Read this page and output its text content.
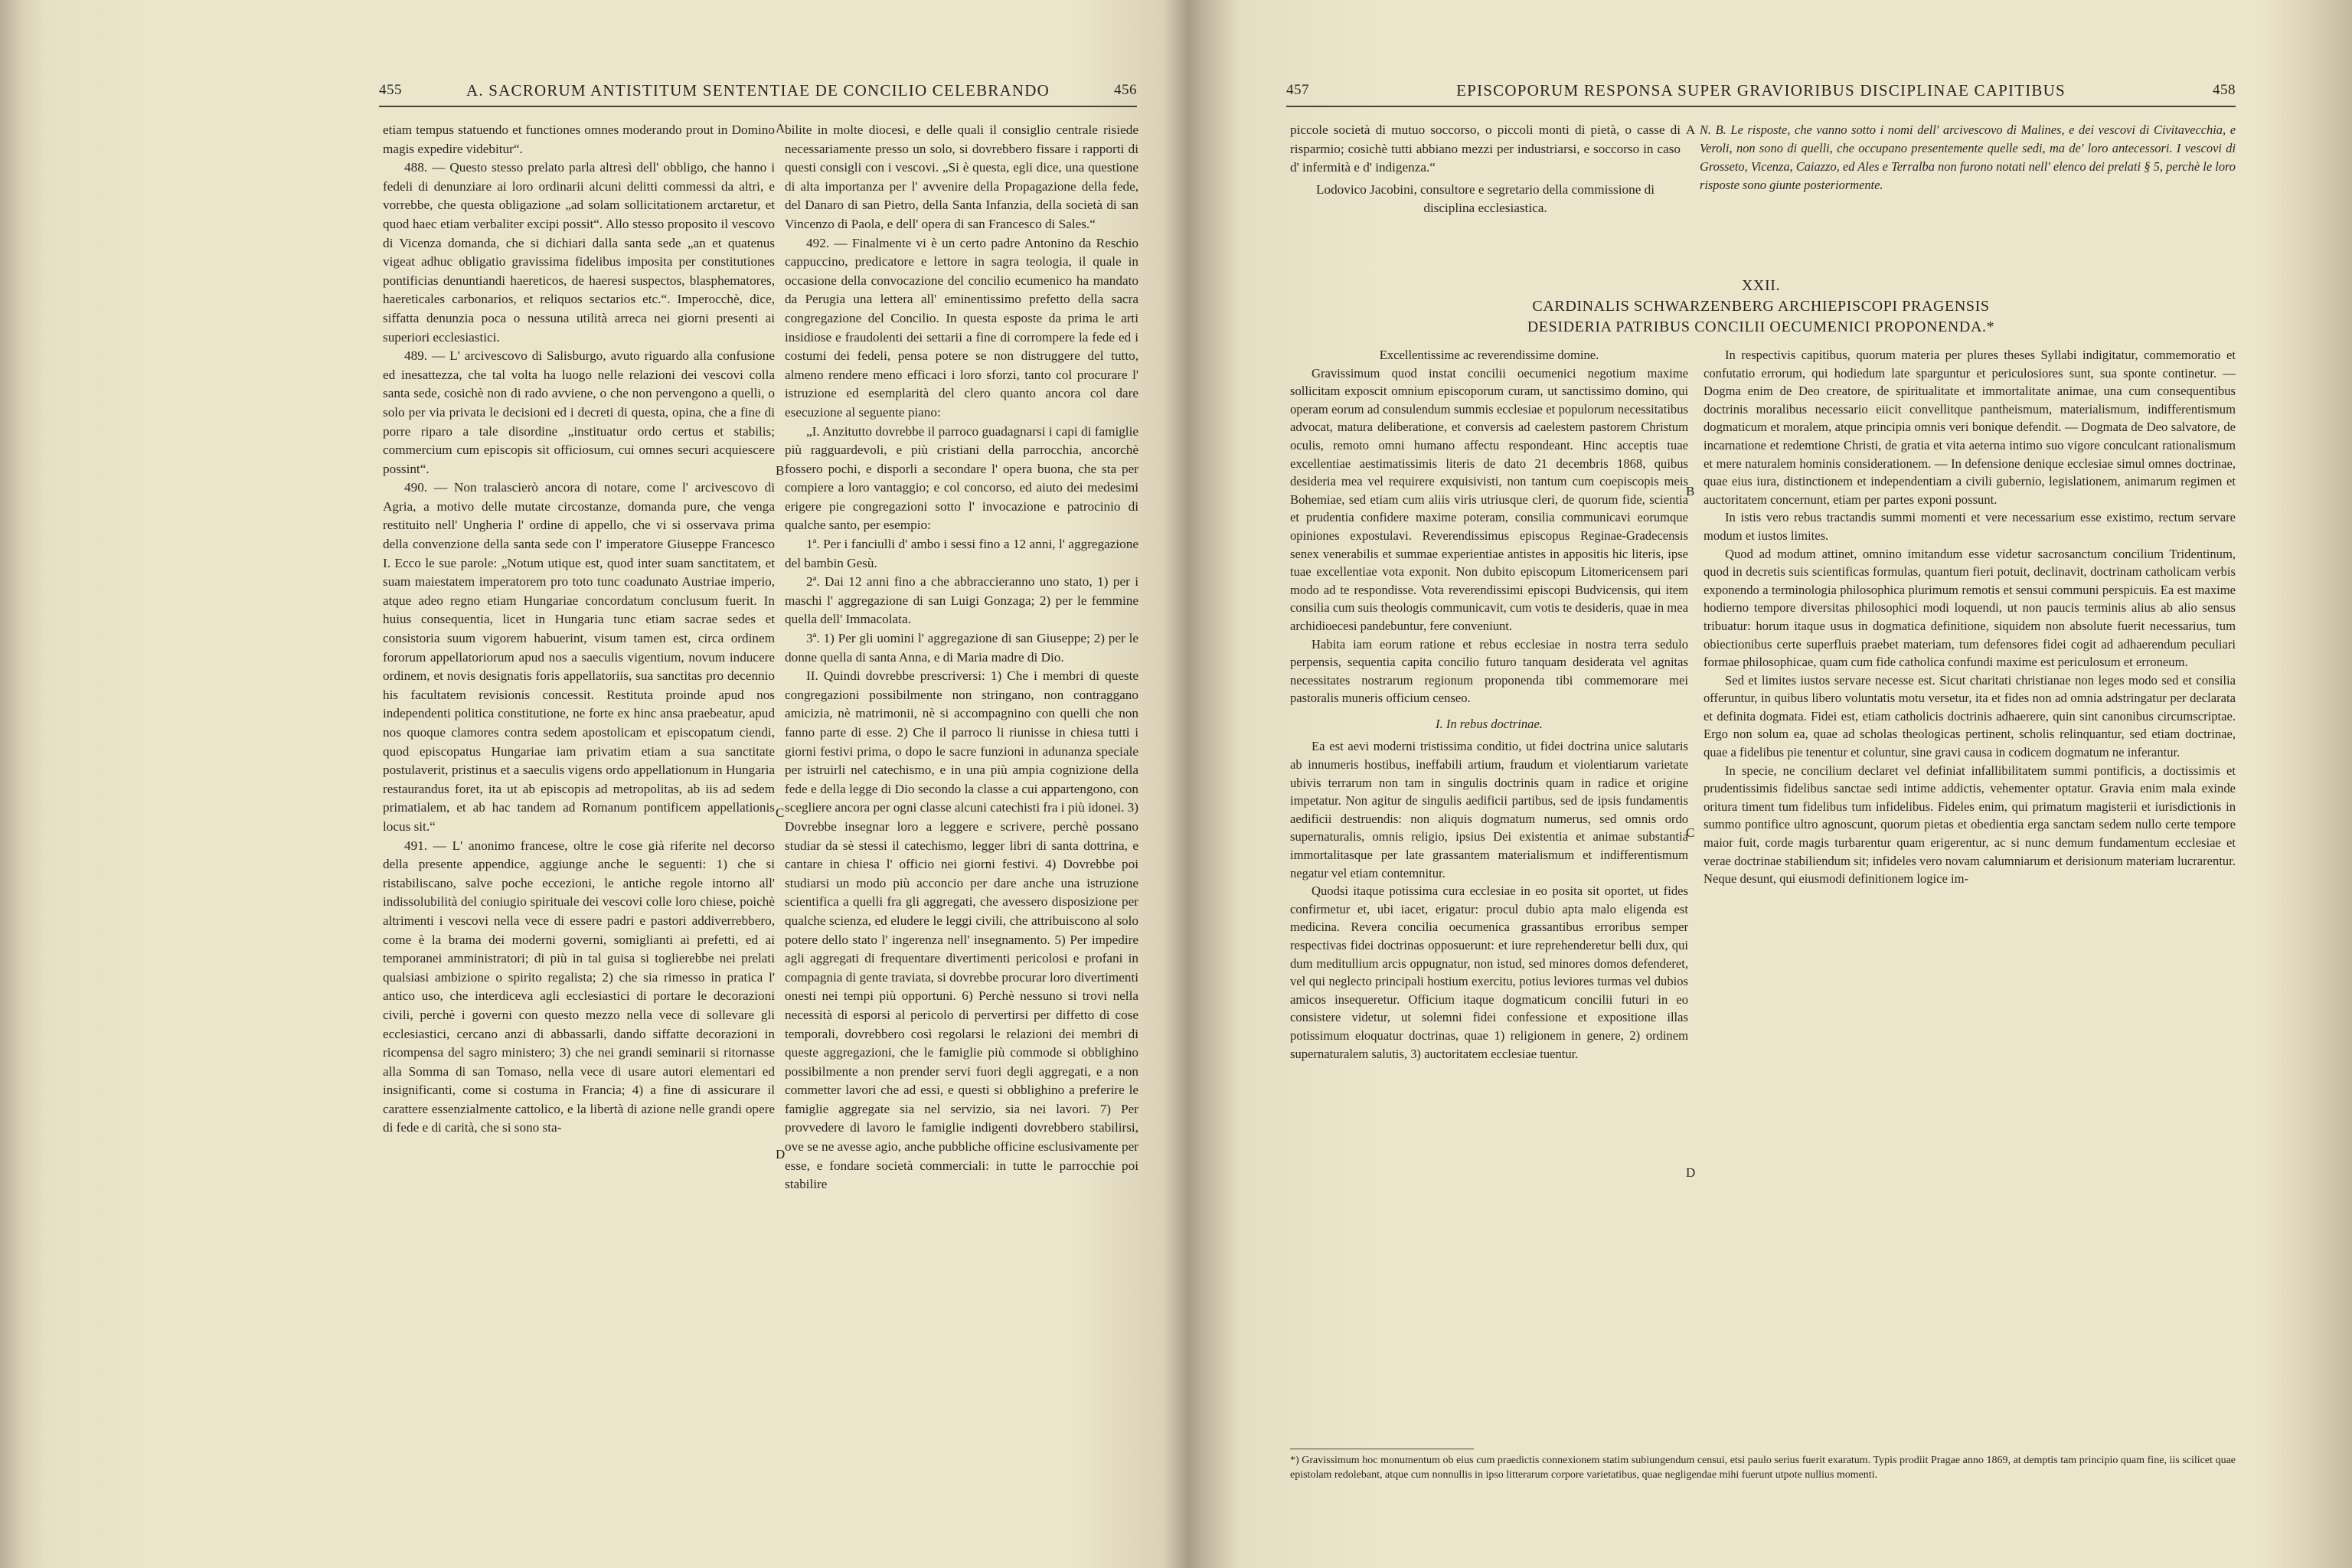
455	A. SACRORUM ANTISTITUM SENTENTIAE DE CONCILIO CELEBRANDO	456

etiam tempus statuendo et functiones omnes moderando prout in Domino magis expedire videbitur“.

488. — Questo stesso prelato parla altresì dell' obbligo, che hanno i fedeli di denunziare ai loro ordinarii alcuni delitti commessi da altri, e vorrebbe, che questa obligazione „ad solam sollicitationem arctaretur, et quod haec etiam verbaliter excipi possit“. Allo stesso proposito il vescovo di Vicenza domanda, che si dichiari dalla santa sede „an et quatenus vigeat adhuc obligatio gravissima fidelibus imposita per constitutiones pontificias denuntiandi haereticos, de haeresi suspectos, blasphematores, haereticales carbonarios, et reliquos sectarios etc.“. Imperocchè, dice, siffatta denunzia poca o nessuna utilità arreca nei giorni presenti ai superiori ecclesiastici.

489. — L' arcivescovo di Salisburgo, avuto riguardo alla confusione ed inesattezza, che tal volta ha luogo nelle relazioni dei vescovi colla santa sede, cosichè non di rado avviene, o che non pervengono a quelli, o solo per via privata le decisioni ed i decreti di questa, opina, che a fine di porre riparo a tale disordine „instituatur ordo certus et stabilis; commercium cum episcopis sit officiosum, cui omnes securi acquiescere possint“.

490. — Non tralascierò ancora di notare, come l' arcivescovo di Agria, a motivo delle mutate circostanze, domanda pure, che venga restituito nell' Ungheria l' ordine di appello, che vi si osservava prima della convenzione della santa sede con l' imperatore Giuseppe Francesco I. Ecco le sue parole: „Notum utique est, quod inter suam sanctitatem, et suam maiestatem imperatorem pro toto tunc coadunato Austriae imperio, atque adeo regno etiam Hungariae concordatum conclusum fuerit. In huius consequentia, licet in Hungaria tunc etiam sacrae sedes et consistoria suum vigorem habuerint, visum tamen est, circa ordinem fororum appellatoriorum apud nos a saeculis vigentium, novum inducere ordinem, et novis designatis foris appellatoriis, sua sanctitas pro decennio his facultatem revisionis concessit. Restituta proinde apud nos independenti politica constitutione, ne forte ex hinc ansa praebeatur, apud nos quoque clamores contra sedem apostolicam et episcopatum ciendi, quod episcopatus Hungariae iam privatim etiam a sua sanctitate postulaverit, pristinus et a saeculis vigens ordo appellationum in Hungaria restaurandus foret, ita ut ab episcopis ad metropolitas, ab iis ad sedem primatialem, et ab hac tandem ad Romanum pontificem appellationis locus sit.“

491. — L' anonimo francese, oltre le cose già riferite nel decorso della presente appendice, aggiunge anche le seguenti: 1) che si ristabiliscano, salve poche eccezioni, le antiche regole intorno all' indissolubilità del coniugio spirituale dei vescovi colle loro chiese, poichè altrimenti i vescovi nella vece di essere padri e pastori addiverrebbero, come è la brama dei moderni governi, somiglianti ai prefetti, ed ai temporanei amministratori; di più in tal guisa si toglierebbe nei prelati qualsiasi ambizione o spirito regalista; 2) che sia rimesso in pratica l' antico uso, che interdiceva agli ecclesiastici di portare le decorazioni civili, perchè i governi con questo mezzo nella vece di sollevare gli ecclesiastici, cercano anzi di abbassarli, dando siffatte decorazioni in ricompensa del sagro ministero; 3) che nei grandi seminarii si ritornasse alla Somma di san Tomaso, nella vece di usare autori elementari ed insignificanti, come si costuma in Francia; 4) a fine di assicurare il carattere essenzialmente cattolico, e la libertà di azione nelle grandi opere di fede e di carità, che si sono sta-

bilite in molte diocesi, e delle quali il consiglio centrale risiede necessariamente presso un solo, si dovrebbero fissare i rapporti di questi consigli con i vescovi. „Si è questa, egli dice, una questione di alta importanza per l' avvenire della Propagazione della fede, del Danaro di san Pietro, della Santa Infanzia, della società di san Vincenzo di Paola, e dell' opera di san Francesco di Sales.“

492. — Finalmente vi è un certo padre Antonino da Reschio cappuccino, predicatore e lettore in sagra teologia, il quale in occasione della convocazione del concilio ecumenico ha mandato da Perugia una lettera all' eminentissimo prefetto della sacra congregazione del Concilio. In questa esposte da prima le arti insidiose e fraudolenti dei settarii a fine di corrompere la fede ed i costumi dei fedeli, pensa potere se non distruggere del tutto, almeno rendere meno efficaci i loro sforzi, tanto col procurare l' istruzione ed esemplarità del clero quanto ancora col dare esecuzione al seguente piano:

„I. Anzitutto dovrebbe il parroco guadagnarsi i capi di famiglie più ragguardevoli, e più cristiani della parrocchia, ancorchè fossero pochi, e disporli a secondare l' opera buona, che sta per compiere a loro vantaggio; e col concorso, ed aiuto dei medesimi erigere pie congregazioni sotto l' invocazione e patrocinio di qualche santo, per esempio:

1ª. Per i fanciulli d' ambo i sessi fino a 12 anni, l' aggregazione del bambin Gesù.

2ª. Dai 12 anni fino a che abbraccieranno uno stato, 1) per i maschi l' aggregazione di san Luigi Gonzaga; 2) per le femmine quella dell' Immacolata.

3ª. 1) Per gli uomini l' aggregazione di san Giuseppe; 2) per le donne quella di santa Anna, e di Maria madre di Dio.

II. Quindi dovrebbe prescriversi: 1) Che i membri di queste congregazioni possibilmente non stringano, non contraggano amicizia, nè matrimonii, nè si accompagnino con quelli che non fanno parte di esse. 2) Che il parroco li riunisse in chiesa tutti i giorni festivi prima, o dopo le sacre funzioni in adunanza speciale per istruirli nel catechismo, e in una più ampia cognizione della fede e della legge di Dio secondo la classe a cui appartengono, con scegliere ancora per ogni classe alcuni catechisti fra i più idonei. 3) Dovrebbe insegnar loro a leggere e scrivere, perchè possano studiar da sè stessi il catechismo, legger libri di santa dottrina, e cantare in chiesa l' officio nei giorni festivi. 4) Dovrebbe poi studiarsi un modo più acconcio per dare anche una istruzione scientifica a quelli fra gli aggregati, che avessero disposizione per qualche scienza, ed eludere le leggi civili, che attribuiscono al solo potere dello stato l' ingerenza nell' insegnamento. 5) Per impedire agli aggregati di frequentare divertimenti pericolosi e profani in compagnia di gente traviata, si dovrebbe procurar loro divertimenti onesti nei tempi più opportuni. 6) Perchè nessuno si trovi nella necessità di esporsi al pericolo di pervertirsi per diffetto di cose temporali, dovrebbero così regolarsi le relazioni dei membri di queste aggregazioni, che le famiglie più commode si obblighino possibilmente a non prender servi fuori degli aggregati, e a non commetter lavori che ad essi, e questi si obblighino a preferire le famiglie aggregate sia nel servizio, sia nei lavori. 7) Per provvedere di lavoro le famiglie indigenti dovrebbero stabilirsi, ove se ne avesse agio, anche pubbliche officine esclusivamente per esse, e fondare società commerciali: in tutte le parrocchie poi stabilire

A
B
C
D
457	EPISCOPORUM RESPONSA SUPER GRAVIORIBUS DISCIPLINAE CAPITIBUS	458

piccole società di mutuo soccorso, o piccoli monti di pietà, o casse di risparmio; cosichè tutti abbiano mezzi per industriarsi, e soccorso in caso d' infermità e d' indigenza.“

Lodovico Jacobini, consultore e segretario della commissione di disciplina ecclesiastica.

N. B. Le risposte, che vanno sotto i nomi dell' arcivescovo di Malines, e dei vescovi di Civitavecchia, e Veroli, non sono di quelli, che occupano presentemente quelle sedi, ma de' loro antecessori. I vescovi di Grosseto, Vicenza, Caiazzo, ed Ales e Terralba non furono notati nell' elenco dei prelati § 5, perchè le loro risposte sono giunte posteriormente.

XXII.
CARDINALIS SCHWARZENBERG ARCHIEPISCOPI PRAGENSIS
DESIDERIA PATRIBUS CONCILII OECUMENICI PROPONENDA.*

Excellentissime ac reverendissime domine.

Gravissimum quod instat concilii oecumenici negotium maxime sollicitam exposcit omnium episcoporum curam, ut sanctissimo domino, qui operam eorum ad consulendum summis ecclesiae et populorum necessitatibus advocat, matura deliberatione, et conversis ad caelestem pastorem Christum oculis, remoto omni humano affectu respondeant. Hinc acceptis tuae excellentiae aestimatissimis literis de dato 21 decembris 1868, quibus desideria mea vel requirere exquisivisti, non tantum cum coepiscopis meis Bohemiae, sed etiam cum aliis viris utriusque cleri, de quorum fide, scientia et prudentia confidere maxime poteram, consilia communicavi eorumque opiniones expostulavi. Reverendissimus episcopus Reginae-Gradecensis senex venerabilis et summae experientiae antistes in appositis hic literis, ipse tuae excellentiae vota exponit. Non dubito episcopum Litomericensem pari modo ad te respondisse. Vota reverendissimi episcopi Budvicensis, qui item consilia cum suis theologis communicavit, cum votis te desideris, quae in mea archidioecesi pandebuntur, fere conveniunt.

Habita iam eorum ratione et rebus ecclesiae in nostra terra sedulo perpensis, sequentia capita concilio futuro tanquam desiderata vel agnitas necessitates nostrarum regionum proponenda tibi commemorare mei pastoralis muneris officium censeo.

I. In rebus doctrinae.

Ea est aevi moderni tristissima conditio, ut fidei doctrina unice salutaris ab innumeris hostibus, ineffabili artium, fraudum et violentiarum varietate ubivis terrarum non tam in singulis doctrinis quam in radice et origine impetatur. Non agitur de singulis aedificii partibus, sed de ipsis fundamentis aedificii destruendis: non aliquis dogmatum numerus, sed omnis ordo supernaturalis, omnis religio, ipsius Dei existentia et animae substantia immortalitasque per late grassantem materialismum et indifferentismum negatur vel etiam contemnitur.

Quodsi itaque potissima cura ecclesiae in eo posita sit oportet, ut fides confirmetur et, ubi iacet, erigatur: procul dubio apta malo eligenda est medicina. Revera concilia oecumenica grassantibus erroribus semper respectivas fidei doctrinas opposuerunt: et iure reprehenderetur belli dux, qui dum meditullium arcis oppugnatur, non istud, sed minores domos defenderet, vel qui neglecto principali hostium exercitu, potius leviores turmas vel dubios amicos insequeretur. Officium itaque dogmaticum concilii futuri in eo consistere videtur, ut solemni fidei confessione et expositione illas potissimum eloquatur doctrinas, quae 1) religionem in genere, 2) ordinem supernaturalem salutis, 3) auctoritatem ecclesiae tuentur.

In respectivis capitibus, quorum materia per plures theses Syllabi indigitatur, commemoratio et confutatio errorum, qui hodiedum late sparguntur et periculosiores sunt, sua sponte continetur. — Dogma enim de Deo creatore, de spiritualitate et immortalitate animae, una cum consequentibus doctrinis moralibus necessario eiicit convellitque pantheismum, materialismum, indifferentismum dogmaticum et moralem, atque principia omnis veri bonique defendit. — Dogmata de Deo salvatore, de incarnatione et redemtione Christi, de gratia et vita aeterna intimo suo vigore conculcant rationalismum et mere naturalem hominis considerationem. — In defensione denique ecclesiae simul omnes doctrinae, quae eius iura, distinctionem et independentiam a civili gubernio, legislationem, animarum regimen et auctoritatem concernunt, etiam per partes exponi possunt.

In istis vero rebus tractandis summi momenti et vere necessarium esse existimo, rectum servare modum et iustos limites.

Quod ad modum attinet, omnino imitandum esse videtur sacrosanctum concilium Tridentinum, quod in decretis suis scientificas formulas, quantum fieri potuit, declinavit, doctrinam catholicam verbis exponendo a terminologia philosophica plurimum remotis et sensui communi perspicuis. Ea est maxime hodierno tempore diversitas philosophici modi loquendi, ut non paucis terminis alius ab alio sensus tribuatur: horum itaque usus in dogmatica definitione, siquidem non absolute fuerit necessarius, tum obiectionibus certe superfluis praebet materiam, tum defensores fidei cogit ad adhaerendum peculiari formae philosophicae, quam cum fide catholica confundi maxime est periculosum et erroneum.

Sed et limites iustos servare necesse est. Sicut charitati christianae non leges modo sed et consilia offeruntur, in quibus libero voluntatis motu versetur, ita et fides non ad omnia adstringatur per declarata et definita dogmata. Fidei est, etiam catholicis doctrinis adhaerere, quin sint canonibus circumscriptae. Ergo non solum ea, quae ad scholas theologicas pertinent, scholis relinquantur, sed etiam doctrinae, quae a fidelibus pie tenentur et coluntur, sine gravi causa in codicem dogmatum ne inferantur.

In specie, ne concilium declaret vel definiat infallibilitatem summi pontificis, a doctissimis et prudentissimis fidelibus sanctae sedi intime addictis, vehementer optatur. Gravia enim mala exinde oritura timent tum fidelibus tum infidelibus. Fideles enim, qui primatum magisterii et iurisdictionis in summo pontifice ultro agnoscunt, quorum pietas et obedientia erga sanctam sedem nullo certe tempore maior fuit, corde magis turbarentur quam erigerentur, ac si nunc demum fundamentum ecclesiae et verae doctrinae stabiliendum sit; infideles vero novam calumniarum et derisionum materiam lucrarentur. Neque desunt, qui eiusmodi definitionem logice im-

A
B
C
D
*) Gravissimum hoc monumentum ob eius cum praedictis connexionem statim subiungendum censui, etsi paulo serius fuerit exaratum. Typis prodiit Pragae anno 1869, at demptis tam principio quam fine, iis scilicet quae epistolam redolebant, atque cum nonnullis in ipso litterarum corpore varietatibus, quae negligendae mihi fuerunt utpote nullius momenti.
